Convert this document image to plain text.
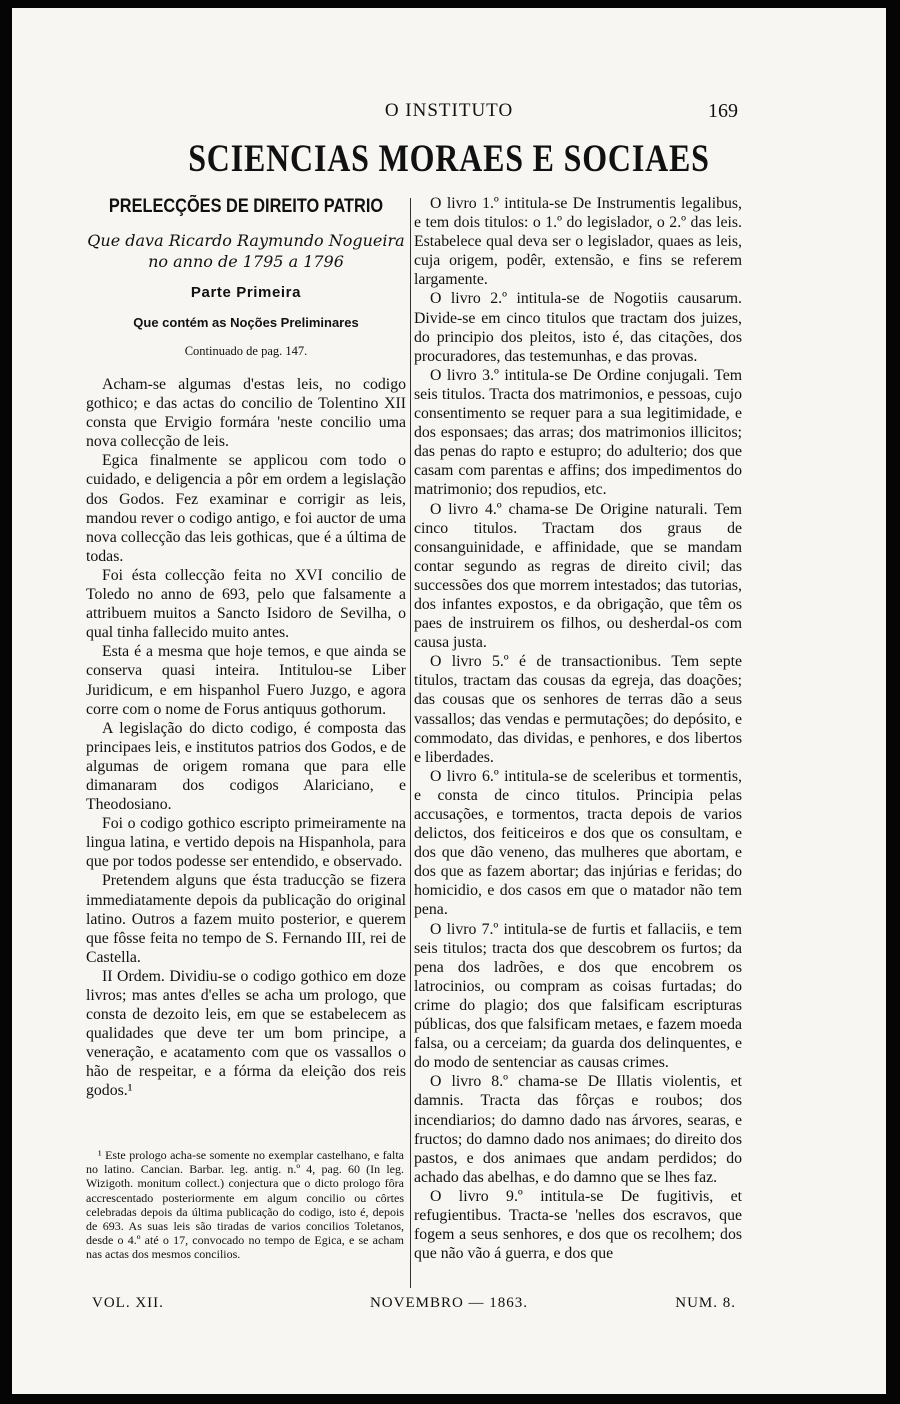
O INSTITUTO	169
SCIENCIAS MORAES E SOCIAES
PRELECÇÕES DE DIREITO PATRIO
Que dava Ricardo Raymundo Nogueira
no anno de 1795 a 1796
Parte Primeira
Que contém as Noções Preliminares
Continuado de pag. 147.

Acham-se algumas d'estas leis, no codigo gothico; e das actas do concilio de Tolentino XII consta que Ervigio formára 'neste concilio uma nova collecção de leis.

Egica finalmente se applicou com todo o cuidado, e deligencia a pôr em ordem a legislação dos Godos. Fez examinar e corrigir as leis, mandou rever o codigo antigo, e foi auctor de uma nova collecção das leis gothicas, que é a última de todas.

Foi ésta collecção feita no XVI concilio de Toledo no anno de 693, pelo que falsamente a attribuem muitos a Sancto Isidoro de Sevilha, o qual tinha fallecido muito antes.

Esta é a mesma que hoje temos, e que ainda se conserva quasi inteira. Intitulou-se Liber Juridicum, e em hispanhol Fuero Juzgo, e agora corre com o nome de Forus antiquus gothorum.

A legislação do dicto codigo, é composta das principaes leis, e institutos patrios dos Godos, e de algumas de origem romana que para elle dimanaram dos codigos Alariciano, e Theodosiano.

Foi o codigo gothico escripto primeiramente na lingua latina, e vertido depois na Hispanhola, para que por todos podesse ser entendido, e observado.

Pretendem alguns que ésta traducção se fizera immediatamente depois da publicação do original latino. Outros a fazem muito posterior, e querem que fôsse feita no tempo de S. Fernando III, rei de Castella.

II Ordem. Dividiu-se o codigo gothico em doze livros; mas antes d'elles se acha um prologo, que consta de dezoito leis, em que se estabelecem as qualidades que deve ter um bom principe, a veneração, e acatamento com que os vassallos o hão de respeitar, e a fórma da eleição dos reis godos.¹

¹ Este prologo acha-se somente no exemplar castelhano, e falta no latino. Cancian. Barbar. leg. antig. n.º 4, pag. 60 (In leg. Wizigoth. monitum collect.) conjectura que o dicto prologo fôra accrescentado posteriormente em algum concilio ou côrtes celebradas depois da última publicação do codigo, isto é, depois de 693. As suas leis são tiradas de varios concilios Toletanos, desde o 4.º até o 17, convocado no tempo de Egica, e se acham nas actas dos mesmos concilios.

O livro 1.º intitula-se De Instrumentis legalibus, e tem dois titulos: o 1.º do legislador, o 2.º das leis. Estabelece qual deva ser o legislador, quaes as leis, cuja origem, podêr, extensão, e fins se referem largamente.

O livro 2.º intitula-se de Nogotiis causarum. Divide-se em cinco titulos que tractam dos juizes, do principio dos pleitos, isto é, das citações, dos procuradores, das testemunhas, e das provas.

O livro 3.º intitula-se De Ordine conjugali. Tem seis titulos. Tracta dos matrimonios, e pessoas, cujo consentimento se requer para a sua legitimidade, e dos esponsaes; das arras; dos matrimonios illicitos; das penas do rapto e estupro; do adulterio; dos que casam com parentas e affins; dos impedimentos do matrimonio; dos repudios, etc.

O livro 4.º chama-se De Origine naturali. Tem cinco titulos. Tractam dos graus de consanguinidade, e affinidade, que se mandam contar segundo as regras de direito civil; das successões dos que morrem intestados; das tutorias, dos infantes expostos, e da obrigação, que têm os paes de instruirem os filhos, ou desherdal-os com causa justa.

O livro 5.º é de transactionibus. Tem septe titulos, tractam das cousas da egreja, das doações; das cousas que os senhores de terras dão a seus vassallos; das vendas e permutações; do depósito, e commodato, das dividas, e penhores, e dos libertos e liberdades.

O livro 6.º intitula-se de sceleribus et tormentis, e consta de cinco titulos. Principia pelas accusações, e tormentos, tracta depois de varios delictos, dos feiticeiros e dos que os consultam, e dos que dão veneno, das mulheres que abortam, e dos que as fazem abortar; das injúrias e feridas; do homicidio, e dos casos em que o matador não tem pena.

O livro 7.º intitula-se de furtis et fallaciis, e tem seis titulos; tracta dos que descobrem os furtos; da pena dos ladrões, e dos que encobrem os latrocinios, ou compram as coisas furtadas; do crime do plagio; dos que falsificam escripturas públicas, dos que falsificam metaes, e fazem moeda falsa, ou a cerceiam; da guarda dos delinquentes, e do modo de sentenciar as causas crimes.

O livro 8.º chama-se De Illatis violentis, et damnis. Tracta das fôrças e roubos; dos incendiarios; do damno dado nas árvores, searas, e fructos; do damno dado nos animaes; do direito dos pastos, e dos animaes que andam perdidos; do achado das abelhas, e do damno que se lhes faz.

O livro 9.º intitula-se De fugitivis, et refugientibus. Tracta-se 'nelles dos escravos, que fogem a seus senhores, e dos que os recolhem; dos que não vão á guerra, e dos que

VOL. XII.	NOVEMBRO — 1863.	NUM. 8.
